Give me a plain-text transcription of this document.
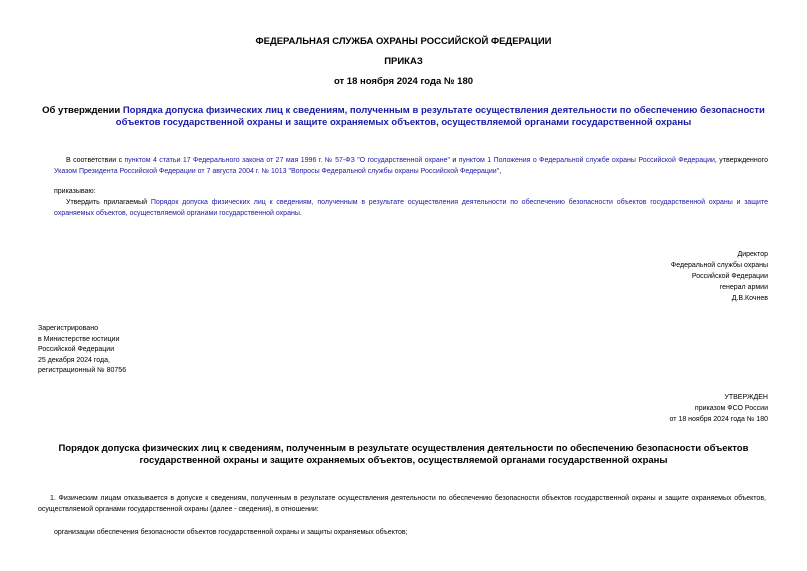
ФЕДЕРАЛЬНАЯ СЛУЖБА ОХРАНЫ РОССИЙСКОЙ ФЕДЕРАЦИИ
ПРИКАЗ
от 18 ноября 2024 года № 180
Об утверждении Порядка допуска физических лиц к сведениям, полученным в результате осуществления деятельности по обеспечению безопасности объектов государственной охраны и защите охраняемых объектов, осуществляемой органами государственной охраны
В соответствии с пунктом 4 статьи 17 Федерального закона от 27 мая 1996 г. № 57-ФЗ "О государственной охране" и пунктом 1 Положения о Федеральной службе охраны Российской Федерации, утвержденного Указом Президента Российской Федерации от 7 августа 2004 г. № 1013 "Вопросы Федеральной службы охраны Российской Федерации",
приказываю:
Утвердить прилагаемый Порядок допуска физических лиц к сведениям, полученным в результате осуществления деятельности по обеспечению безопасности объектов государственной охраны и защите охраняемых объектов, осуществляемой органами государственной охраны.
Директор
Федеральной службы охраны
Российской Федерации
генерал армии
Д.В.Кочнев
Зарегистрировано
в Министерстве юстиции
Российской Федерации
25 декабря 2024 года,
регистрационный № 80756
УТВЕРЖДЕН
приказом ФСО России
от 18 ноября 2024 года № 180
Порядок допуска физических лиц к сведениям, полученным в результате осуществления деятельности по обеспечению безопасности объектов государственной охраны и защите охраняемых объектов, осуществляемой органами государственной охраны
1. Физическим лицам отказывается в допуске к сведениям, полученным в результате осуществления деятельности по обеспечению безопасности объектов государственной охраны и защите охраняемых объектов, осуществляемой органами государственной охраны (далее - сведения), в отношении:
организации обеспечения безопасности объектов государственной охраны и защиты охраняемых объектов;
